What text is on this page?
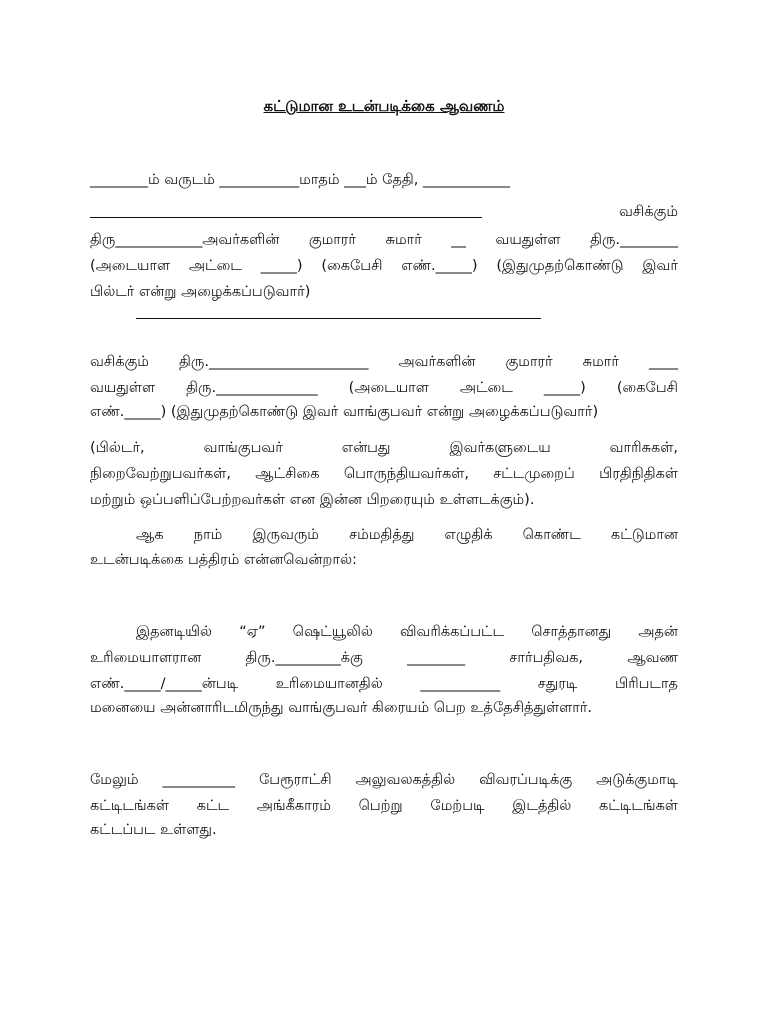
கட்டுமான உடன்படிக்கை ஆவணம்
________ம் வருடம் ___________மாதம் ___ம் தேதி, ____________
வசிக்கும்
திரு____________அவர்களின் குமாரர் சுமார் __ வயதுள்ள திரு.________
(அடையாள அட்டை _____) (கைபேசி எண்._____) (இதுமுதற்கொண்டு இவர்
பில்டர் என்று அழைக்கப்படுவார்)
வசிக்கும் திரு.______________________ அவர்களின் குமாரர் சுமார் ____
வயதுள்ள திரு.______________ (அடையாள அட்டை _____) (கைபேசி
எண்._____) (இதுமுதற்கொண்டு இவர் வாங்குபவர் என்று அழைக்கப்படுவார்)
(பில்டர், வாங்குபவர் என்பது இவர்களுடைய வாரிசுகள்,
நிறைவேற்றுபவர்கள், ஆட்சிகை பொருந்தியவர்கள், சட்டமுறைப் பிரதிநிதிகள்
மற்றும் ஒப்பளிப்பேற்றவர்கள் என இன்ன பிறரையும் உள்ளடக்கும்).
ஆக நாம் இருவரும் சம்மதித்து எழுதிக் கொண்ட கட்டுமான
உடன்படிக்கை பத்திரம் என்னவென்றால்:
இதனடியில் “ஏ” ஷெட்யூலில் விவரிக்கப்பட்ட சொத்தானது அதன்
உரிமையாளரான திரு._________க்கு ________ சார்பதிவக, ஆவண
எண்._____/_____ன்படி உரிமையானதில் ___________ சதுரடி பிரிபடாத
மனையை அன்னாரிடமிருந்து வாங்குபவர் கிரையம் பெற உத்தேசித்துள்ளார்.
மேலும் __________ பேரூராட்சி அலுவலகத்தில் விவரப்படிக்கு அடுக்குமாடி
கட்டிடங்கள் கட்ட அங்கீகாரம் பெற்று மேற்படி இடத்தில் கட்டிடங்கள்
கட்டப்பட உள்ளது.
